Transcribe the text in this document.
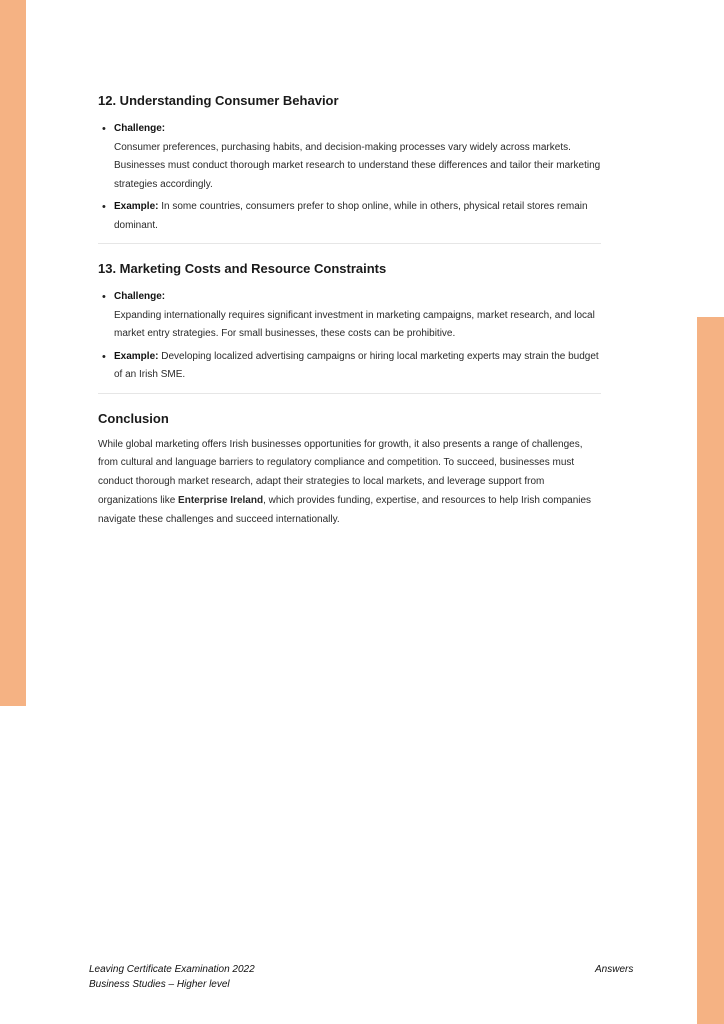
12. Understanding Consumer Behavior
• Challenge:
Consumer preferences, purchasing habits, and decision-making processes vary widely across markets. Businesses must conduct thorough market research to understand these differences and tailor their marketing strategies accordingly.
• Example: In some countries, consumers prefer to shop online, while in others, physical retail stores remain dominant.
13. Marketing Costs and Resource Constraints
• Challenge:
Expanding internationally requires significant investment in marketing campaigns, market research, and local market entry strategies. For small businesses, these costs can be prohibitive.
• Example: Developing localized advertising campaigns or hiring local marketing experts may strain the budget of an Irish SME.
Conclusion

While global marketing offers Irish businesses opportunities for growth, it also presents a range of challenges, from cultural and language barriers to regulatory compliance and competition. To succeed, businesses must conduct thorough market research, adapt their strategies to local markets, and leverage support from organizations like Enterprise Ireland, which provides funding, expertise, and resources to help Irish companies navigate these challenges and succeed internationally.

Leaving Certificate Examination 2022
Business Studies – Higher level
Answers
